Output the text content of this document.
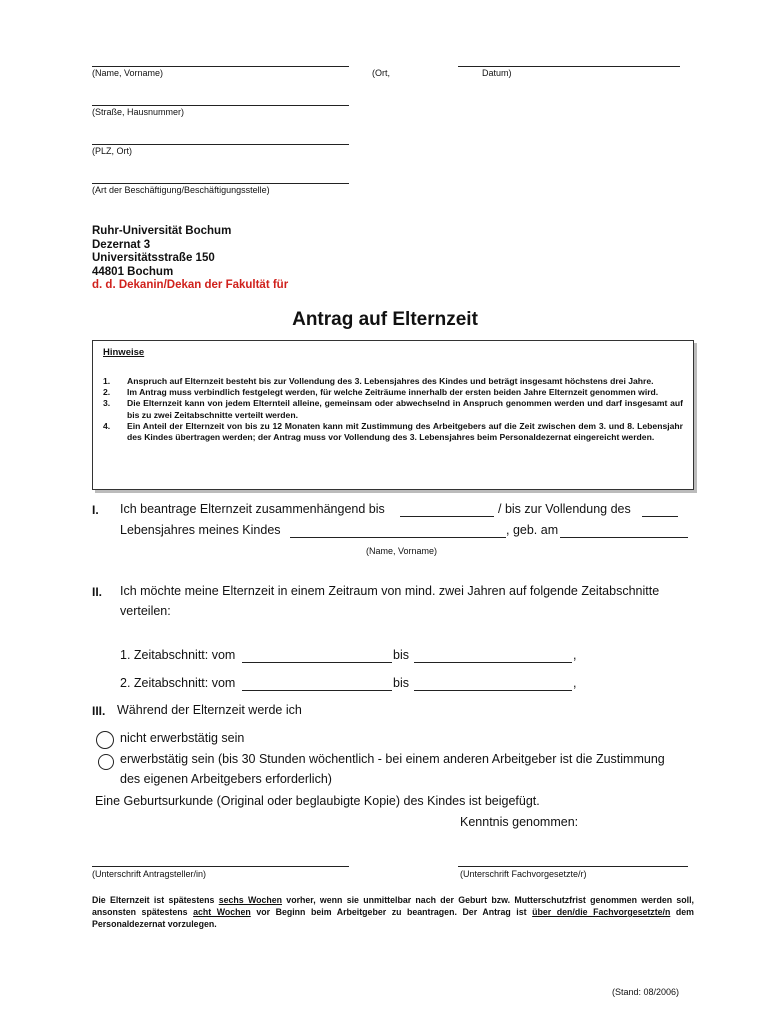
(Name, Vorname)	(Ort,	Datum)
(Straße, Hausnummer)
(PLZ, Ort)
(Art der Beschäftigung/Beschäftigungsstelle)
Ruhr-Universität Bochum
Dezernat 3
Universitätsstraße 150
44801 Bochum
d. d. Dekanin/Dekan der Fakultät für
Antrag auf Elternzeit
Hinweise
1.	Anspruch auf Elternzeit besteht bis zur Vollendung des 3. Lebensjahres des Kindes und beträgt insgesamt höchstens drei Jahre.
2.	Im Antrag muss verbindlich festgelegt werden, für welche Zeiträume innerhalb der ersten beiden Jahre Elternzeit genommen wird.
3.	Die Elternzeit kann von jedem Elternteil alleine, gemeinsam oder abwechselnd in Anspruch genommen werden und darf insgesamt auf bis zu zwei Zeitabschnitte verteilt werden.
4.	Ein Anteil der Elternzeit von bis zu 12 Monaten kann mit Zustimmung des Arbeitgebers auf die Zeit zwischen dem 3. und 8. Lebensjahr des Kindes übertragen werden; der Antrag muss vor Vollendung des 3. Lebensjahres beim Personaldezernat eingereicht werden.
I. Ich beantrage Elternzeit zusammenhängend bis	/ bis zur Vollendung des
Lebensjahres meines Kindes	, geb. am
(Name, Vorname)
II. Ich möchte meine Elternzeit in einem Zeitraum von mind. zwei Jahren auf folgende Zeitabschnitte
verteilen:
1. Zeitabschnitt: vom	bis	,
2. Zeitabschnitt: vom	bis	,
III. Während der Elternzeit werde ich
nicht erwerbstätig sein
erwerbstätig sein (bis 30 Stunden wöchentlich - bei einem anderen Arbeitgeber ist die Zustimmung
des eigenen Arbeitgebers erforderlich)
Eine Geburtsurkunde (Original oder beglaubigte Kopie) des Kindes ist beigefügt.
Kenntnis genommen:
(Unterschrift Antragsteller/in)	(Unterschrift Fachvorgesetzte/r)
Die Elternzeit ist spätestens sechs Wochen vorher, wenn sie unmittelbar nach der Geburt bzw. Mutterschutzfrist genommen werden soll, ansonsten spätestens acht Wochen vor Beginn beim Arbeitgeber zu beantragen. Der Antrag ist über den/die Fachvorgesetzte/n dem Personaldezernat vorzulegen.
(Stand: 08/2006)
